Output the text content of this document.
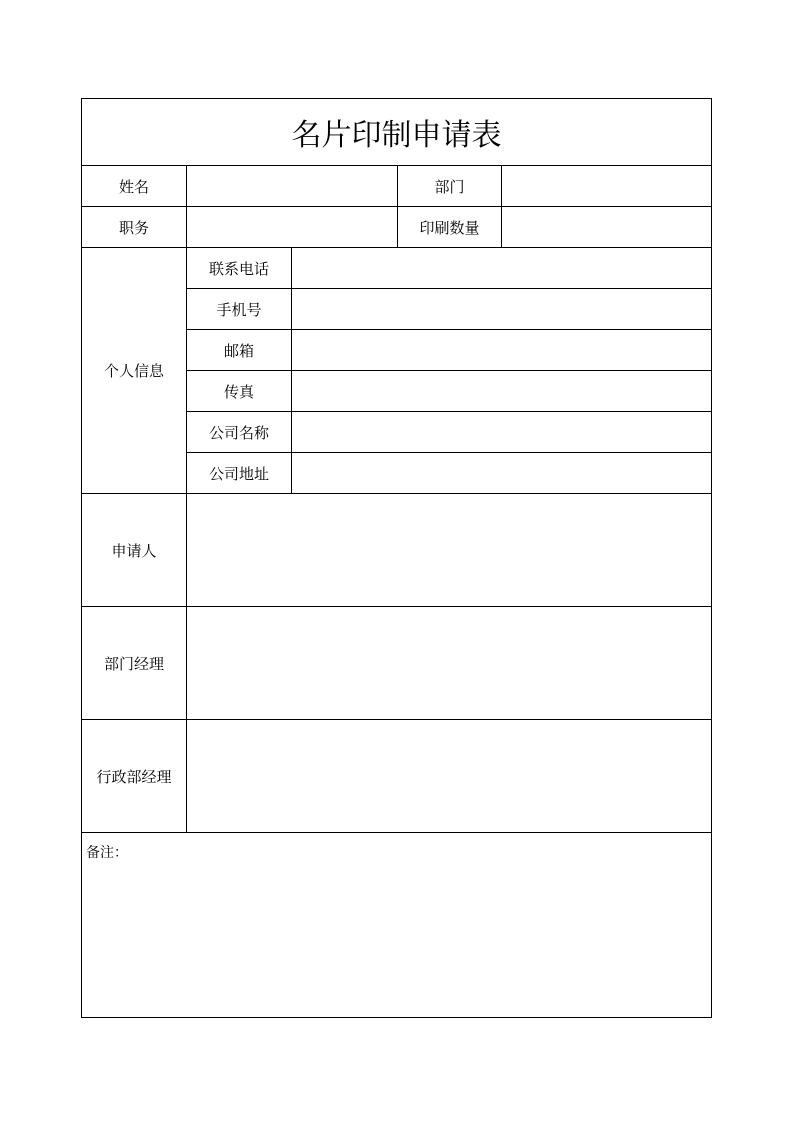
名片印制申请表				
姓名			部门	
职务			印刷数量	
个人信息	联系电话			
	手机号			
	邮箱			
	传真			
	公司名称			
	公司地址			
申请人				
部门经理				
行政部经理				
备注：				
